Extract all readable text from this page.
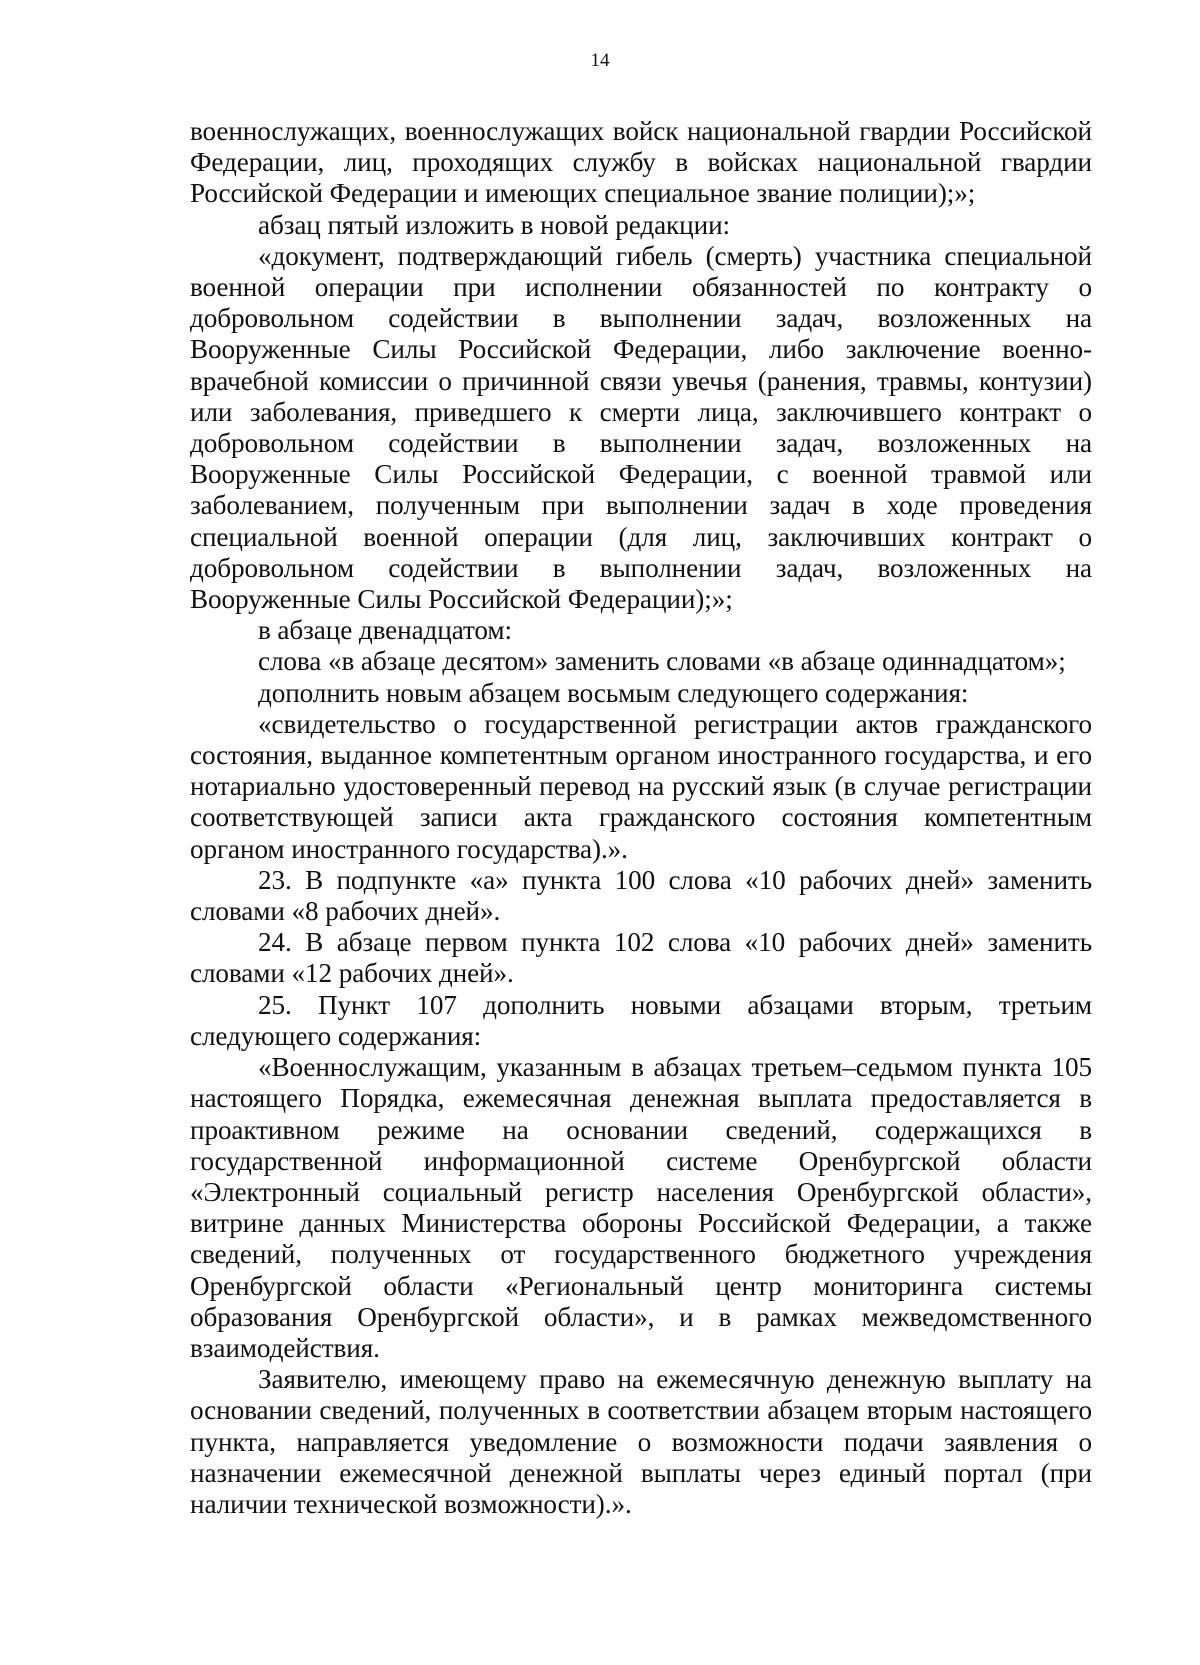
14

военнослужащих, военнослужащих войск национальной гвардии Российской Федерации, лиц, проходящих службу в войсках национальной гвардии Российской Федерации и имеющих специальное звание полиции);»;

абзац пятый изложить в новой редакции:

«документ, подтверждающий гибель (смерть) участника специальной военной операции при исполнении обязанностей по контракту о добровольном содействии в выполнении задач, возложенных на Вооруженные Силы Российской Федерации, либо заключение военно-врачебной комиссии о причинной связи увечья (ранения, травмы, контузии) или заболевания, приведшего к смерти лица, заключившего контракт о добровольном содействии в выполнении задач, возложенных на Вооруженные Силы Российской Федерации, с военной травмой или заболеванием, полученным при выполнении задач в ходе проведения специальной военной операции (для лиц, заключивших контракт о добровольном содействии в выполнении задач, возложенных на Вооруженные Силы Российской Федерации);»;

в абзаце двенадцатом:

слова «в абзаце десятом» заменить словами «в абзаце одиннадцатом»;

дополнить новым абзацем восьмым следующего содержания:

«свидетельство о государственной регистрации актов гражданского состояния, выданное компетентным органом иностранного государства, и его нотариально удостоверенный перевод на русский язык (в случае регистрации соответствующей записи акта гражданского состояния компетентным органом иностранного государства).».

23. В подпункте «а» пункта 100 слова «10 рабочих дней» заменить словами «8 рабочих дней».

24. В абзаце первом пункта 102 слова «10 рабочих дней» заменить словами «12 рабочих дней».

25. Пункт 107 дополнить новыми абзацами вторым, третьим следующего содержания:

«Военнослужащим, указанным в абзацах третьем–седьмом пункта 105 настоящего Порядка, ежемесячная денежная выплата предоставляется в проактивном режиме на основании сведений, содержащихся в государственной информационной системе Оренбургской области «Электронный социальный регистр населения Оренбургской области», витрине данных Министерства обороны Российской Федерации, а также сведений, полученных от государственного бюджетного учреждения Оренбургской области «Региональный центр мониторинга системы образования Оренбургской области», и в рамках межведомственного взаимодействия.

Заявителю, имеющему право на ежемесячную денежную выплату на основании сведений, полученных в соответствии абзацем вторым настоящего пункта, направляется уведомление о возможности подачи заявления о назначении ежемесячной денежной выплаты через единый портал (при наличии технической возможности).».
